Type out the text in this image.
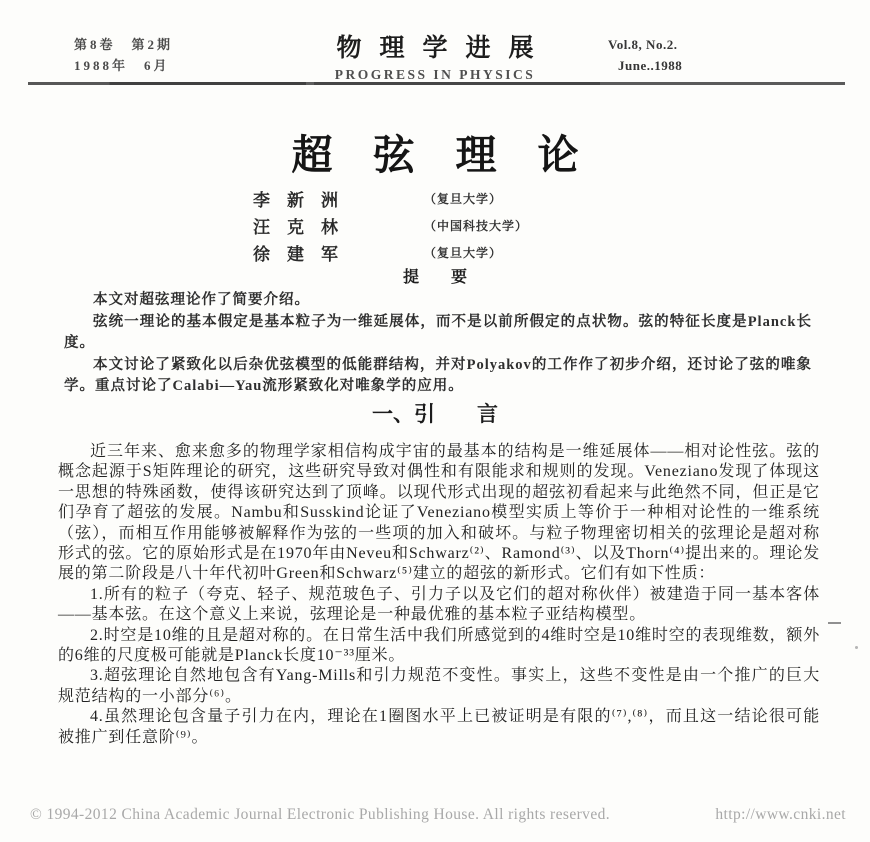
第8卷　第2期
1988年　6月
物理学进展
PROGRESS IN PHYSICS
Vol.8, No.2.
June..1988
超　弦　理　论
李　新　洲	（复旦大学）
汪　克　林	（中国科技大学）
徐　建　军	（复旦大学）
提　　要

本文对超弦理论作了简要介绍。

弦统一理论的基本假定是基本粒子为一维延展体，而不是以前所假定的点状物。弦的特征长度是Planck长度。

本文讨论了紧致化以后杂优弦模型的低能群结构，并对Polyakov的工作作了初步介绍，还讨论了弦的唯象学。重点讨论了Calabi—Yau流形紧致化对唯象学的应用。

一、引　　言

近三年来、愈来愈多的物理学家相信构成宇宙的最基本的结构是一维延展体——相对论性弦。弦的概念起源于S矩阵理论的研究，这些研究导致对偶性和有限能求和规则的发现。Veneziano发现了体现这一思想的特殊函数，使得该研究达到了顶峰。以现代形式出现的超弦初看起来与此绝然不同，但正是它们孕育了超弦的发展。Nambu和Susskind论证了Veneziano模型实质上等价于一种相对论性的一维系统（弦），而相互作用能够被解释作为弦的一些项的加入和破坏。与粒子物理密切相关的弦理论是超对称形式的弦。它的原始形式是在1970年由Neveu和Schwarz⁽²⁾、Ramond⁽³⁾、以及Thorn⁽⁴⁾提出来的。理论发展的第二阶段是八十年代初叶Green和Schwarz⁽⁵⁾建立的超弦的新形式。它们有如下性质：

1.所有的粒子（夸克、轻子、规范玻色子、引力子以及它们的超对称伙伴）被建造于同一基本客体——基本弦。在这个意义上来说，弦理论是一种最优雅的基本粒子亚结构模型。

2.时空是10维的且是超对称的。在日常生活中我们所感觉到的4维时空是10维时空的表现维数，额外的6维的尺度极可能就是Planck长度10⁻³³厘米。

3.超弦理论自然地包含有Yang-Mills和引力规范不变性。事实上，这些不变性是由一个推广的巨大规范结构的一小部分⁽⁶⁾。

4.虽然理论包含量子引力在内，理论在1圈图水平上已被证明是有限的⁽⁷⁾,⁽⁸⁾，而且这一结论很可能被推广到任意阶⁽⁹⁾。

© 1994-2012 China Academic Journal Electronic Publishing House. All rights reserved.	http://www.cnki.net
